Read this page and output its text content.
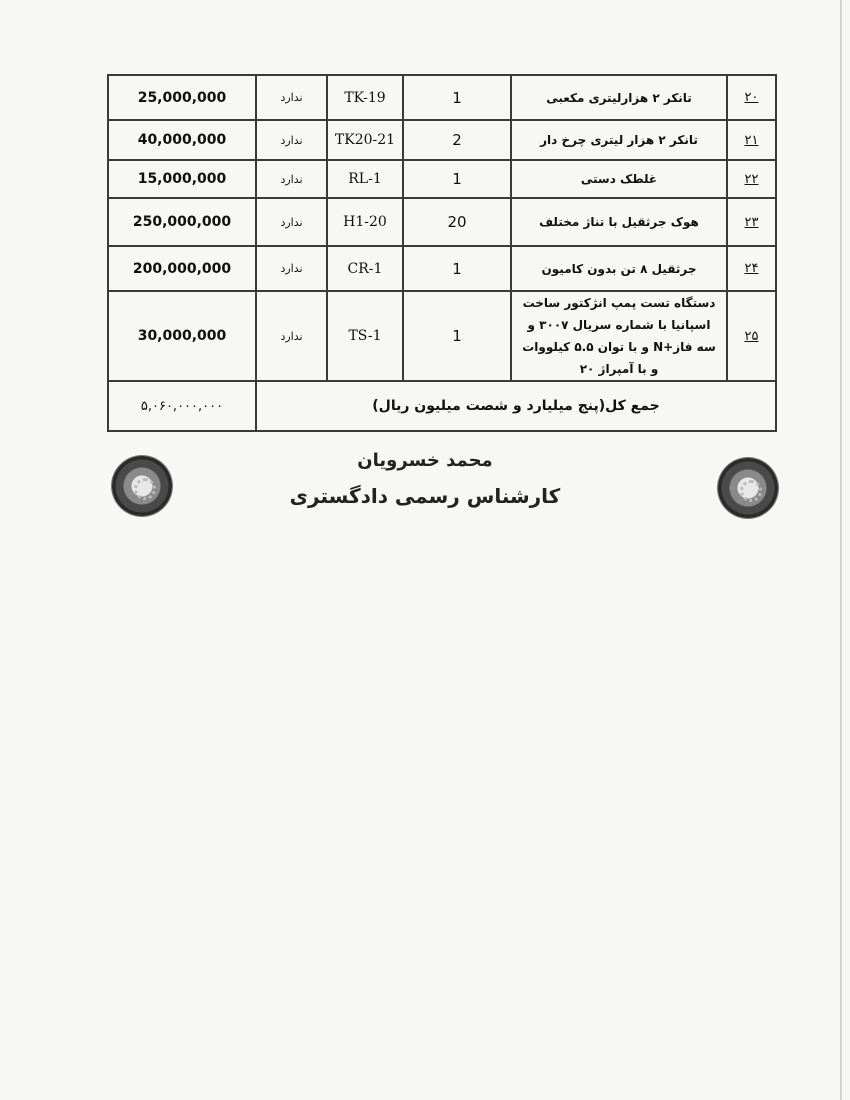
25,000,000	ندارد	TK-19	1	تانکر ۲ هزارلیتری مکعبی	۲۰
40,000,000	ندارد	TK20-21	2	تانکر ۲ هزار لیتری چرخ دار	۲۱
15,000,000	ندارد	RL-1	1	غلطک دستی	۲۲
250,000,000	ندارد	H1-20	20	هوک جرثقیل با تناژ مختلف	۲۳
200,000,000	ندارد	CR-1	1	جرثقیل ۸ تن بدون کامیون	۲۴
30,000,000	ندارد	TS-1	1	دستگاه تست پمپ انژکتور ساخت اسپانیا با شماره سریال ۳۰۰۷ و سه فاز+N و با توان ۵.۵ کیلووات و با آمپراژ ۲۰	۲۵
۵,۰۶۰,۰۰۰,۰۰۰	جمع کل(پنج میلیارد و شصت میلیون ریال)				
محمد خسرویان
کارشناس رسمی دادگستری
